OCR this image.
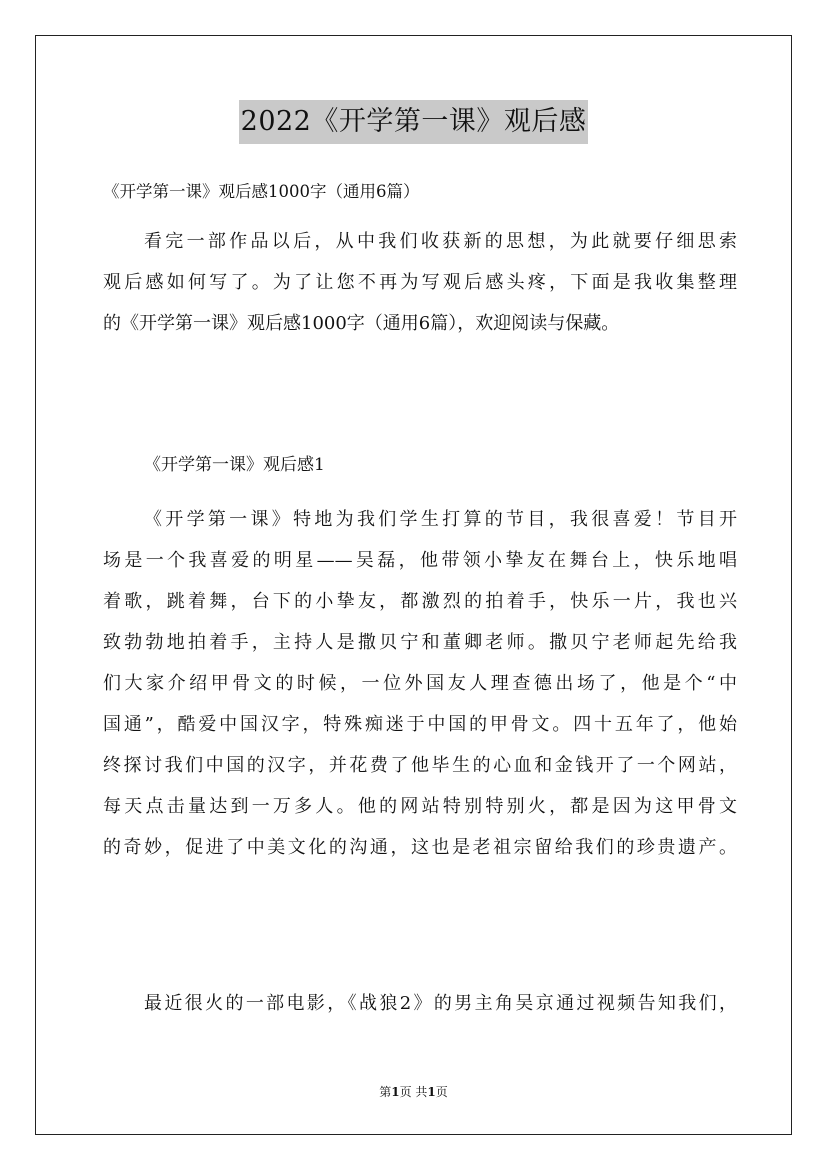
2022《开学第一课》观后感
《开学第一课》观后感1000字（通用6篇）
看完一部作品以后，从中我们收获新的思想，为此就要仔细思索
观后感如何写了。为了让您不再为写观后感头疼，下面是我收集整理
的《开学第一课》观后感1000字（通用6篇），欢迎阅读与保藏。
《开学第一课》观后感1
《开学第一课》特地为我们学生打算的节目，我很喜爱！节目开
场是一个我喜爱的明星——吴磊，他带领小挚友在舞台上，快乐地唱
着歌，跳着舞，台下的小挚友，都激烈的拍着手，快乐一片，我也兴
致勃勃地拍着手，主持人是撒贝宁和董卿老师。撒贝宁老师起先给我
们大家介绍甲骨文的时候，一位外国友人理查德出场了，他是个“中
国通”，酷爱中国汉字，特殊痴迷于中国的甲骨文。四十五年了，他始
终探讨我们中国的汉字，并花费了他毕生的心血和金钱开了一个网站，
每天点击量达到一万多人。他的网站特别特别火，都是因为这甲骨文
的奇妙，促进了中美文化的沟通，这也是老祖宗留给我们的珍贵遗产。
最近很火的一部电影，《战狼2》的男主角吴京通过视频告知我们，
第1页 共1页
